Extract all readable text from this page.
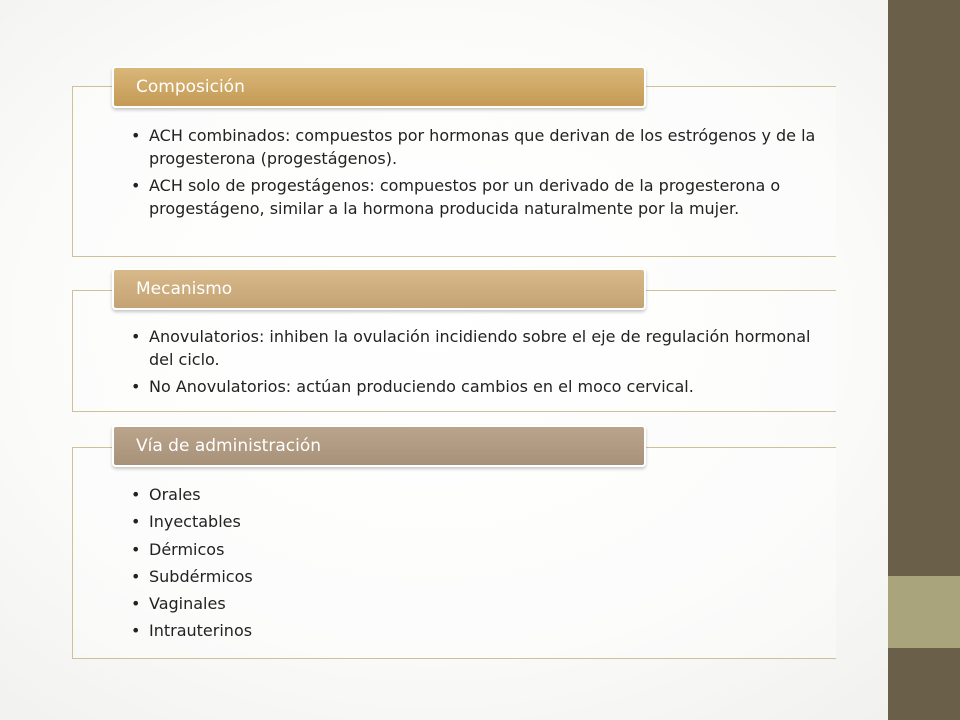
• ACH combinados: compuestos por hormonas que derivan de los estrógenos y de la progesterona (progestágenos).
• ACH solo de progestágenos: compuestos por un derivado de la progesterona o progestágeno, similar a la hormona producida naturalmente por la mujer.
Composición
• Anovulatorios: inhiben la ovulación incidiendo sobre el eje de regulación hormonal del ciclo.
• No Anovulatorios: actúan produciendo cambios en el moco cervical.
Mecanismo
• Orales
• Inyectables
• Dérmicos
• Subdérmicos
• Vaginales
• Intrauterinos
Vía de administración
